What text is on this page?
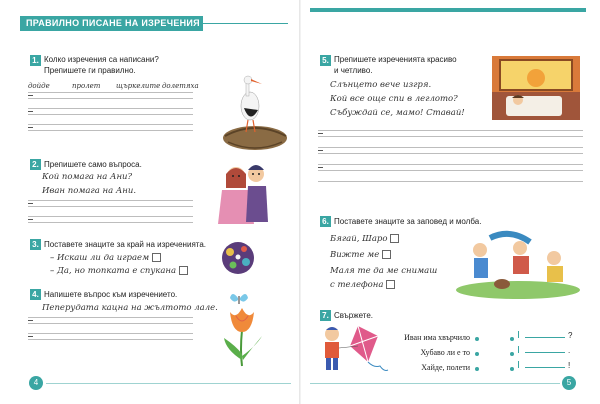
ПРАВИЛНО ПИСАНЕ НА ИЗРЕЧЕНИЯ
1. Колко изречения са написани?
Препишете ги правилно.
дойде	пролет щъркелите долетяха
2. Препишете само въпроса.
Кой помага на Ани?
Иван помага на Ани.
3. Поставете знаците за край на изреченията.
– Искаш ли да играем
– Да, но топката е спукана
4. Напишете въпрос към изречението.
Пеперудата кацна на жълтото лале.
4
5. Препишете изреченията красиво
и четливо.
Слънцето вече изгря.
Кой все още спи в леглото?
Събуждай се, мамо! Ставай!
6. Поставете знаците за заповед и молба.
Бягай, Шаро
Вижте ме
Маля те да ме снимаш
с телефона
7. Свържете.
Иван има хвърчило
Хубаво ли е то
Хайде, полети
?
.
!
5
